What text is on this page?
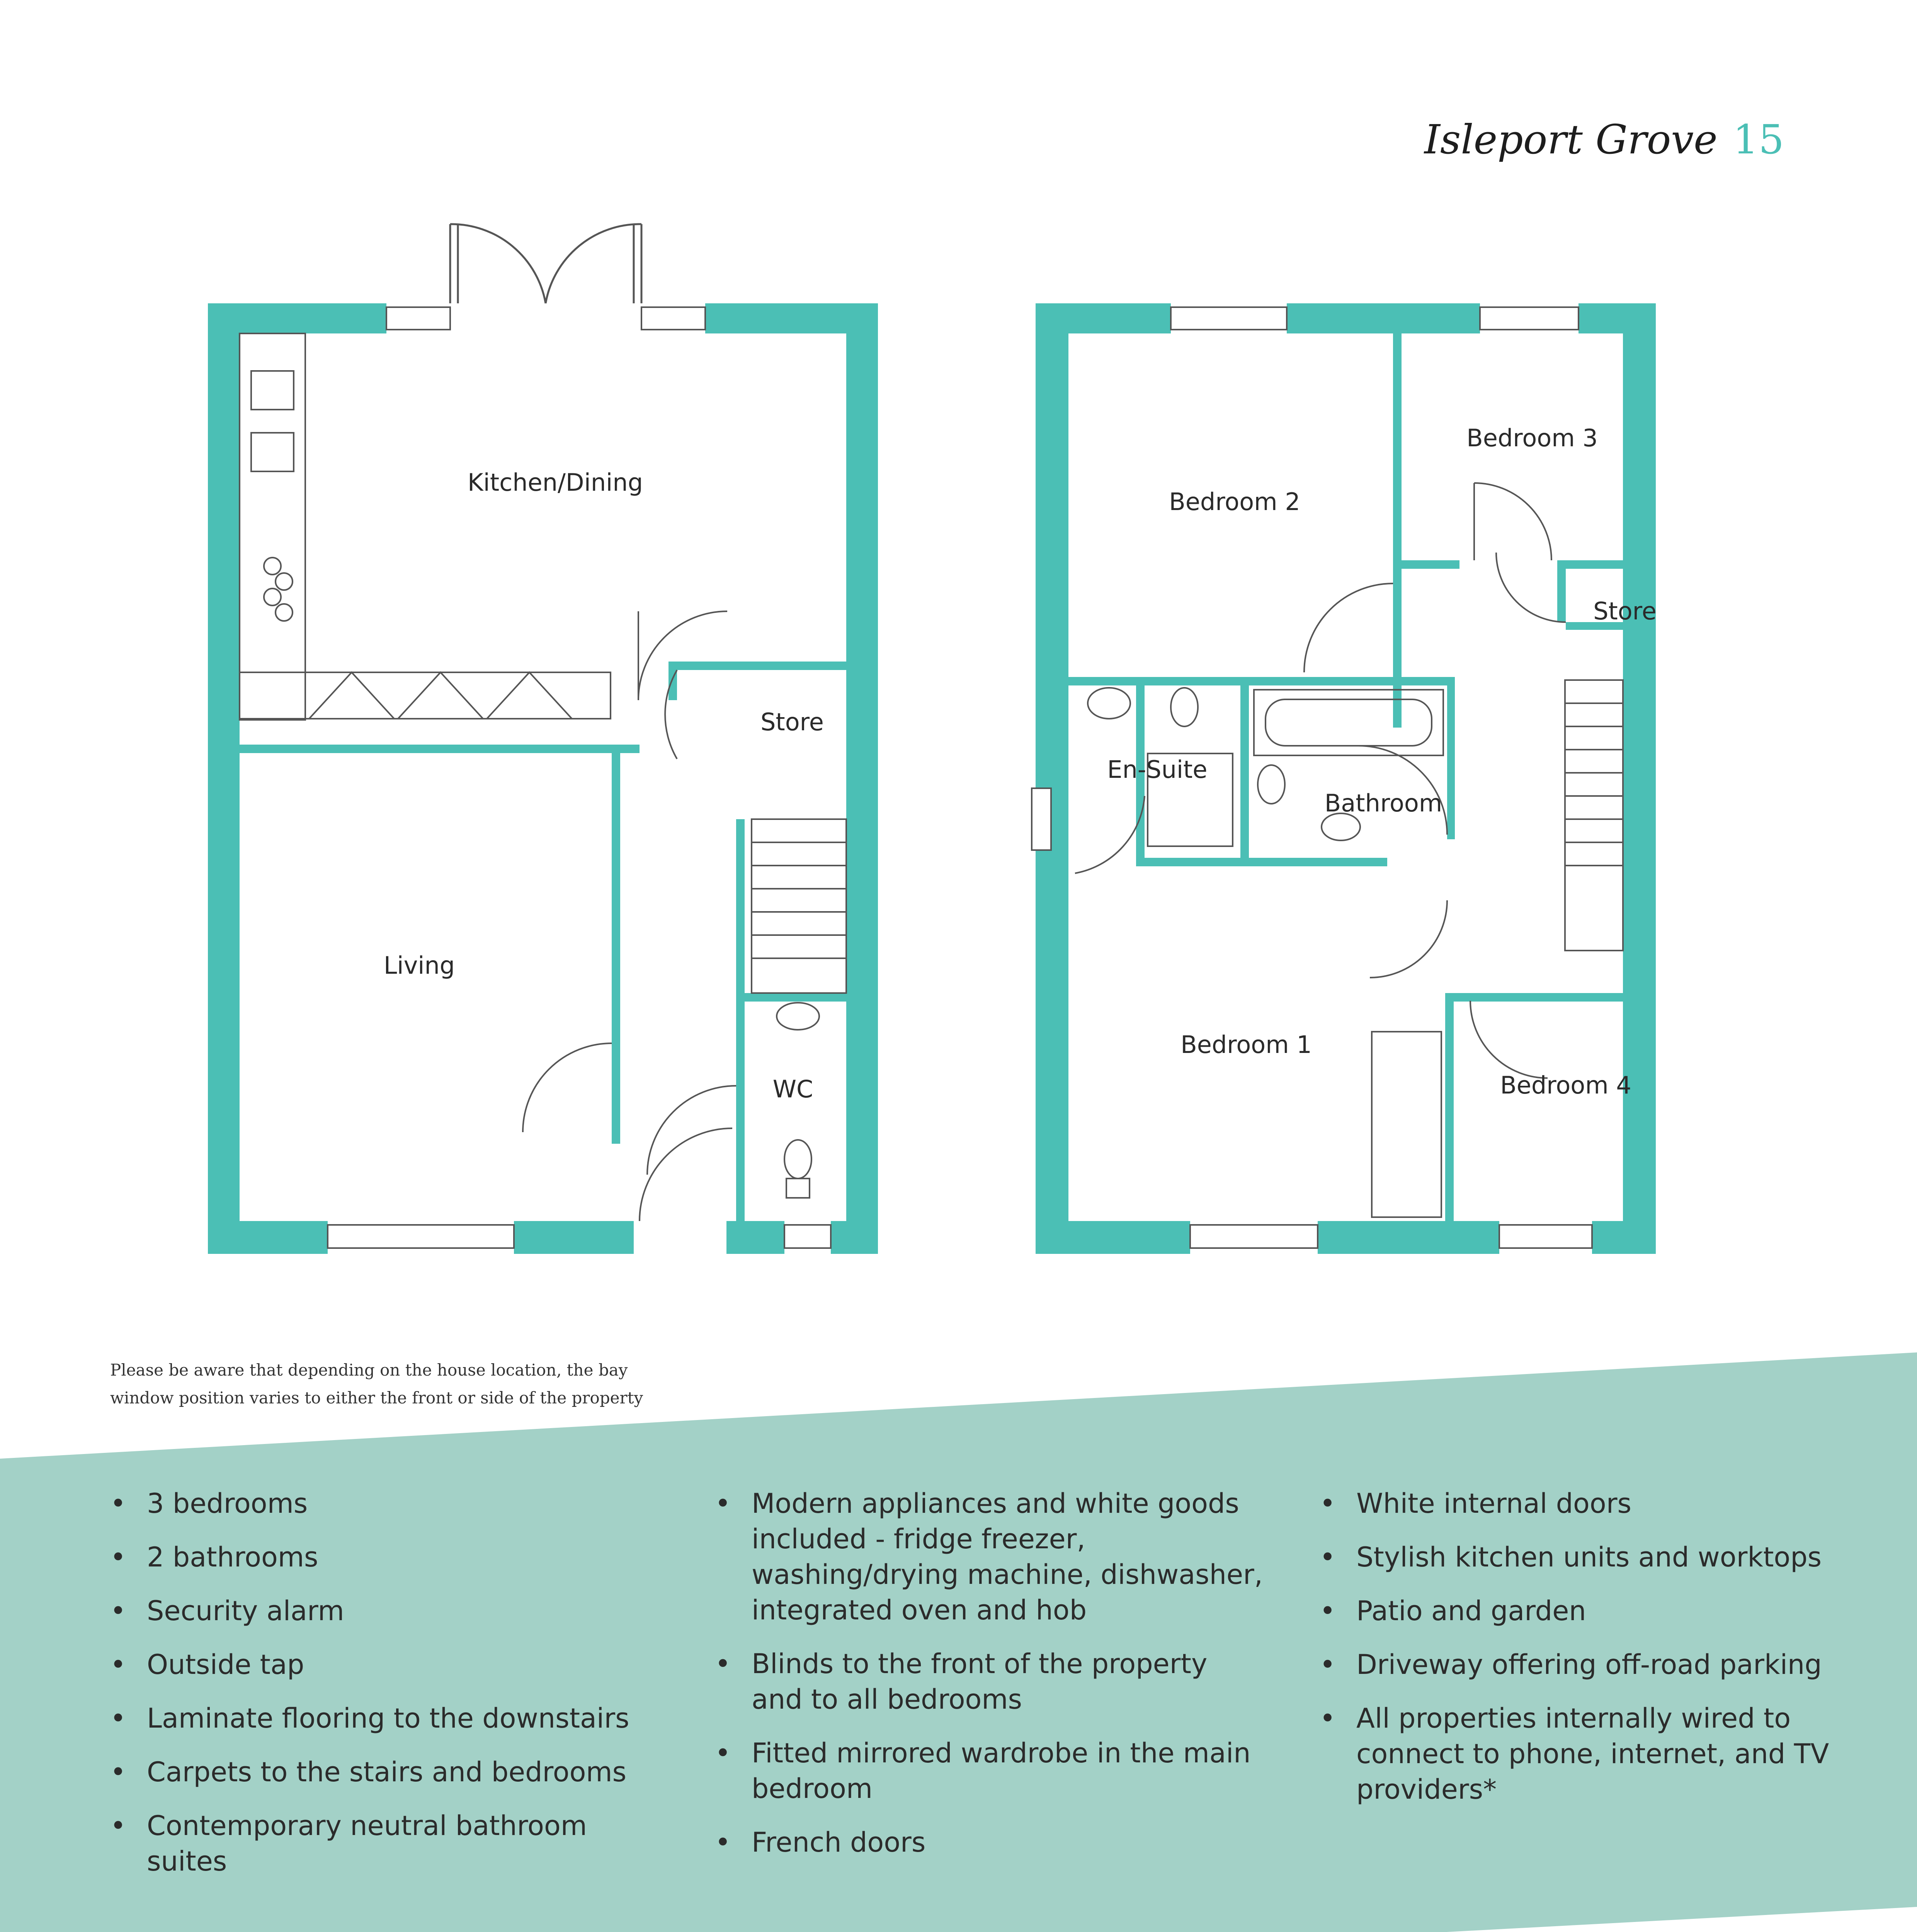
Isleport Grove 15
Kitchen/Dining
Store
Living
WC
Bedroom 2
Bedroom 3
Store
En-Suite
Bathroom
Bedroom 1
Bedroom 4
Please be aware that depending on the house location, the bay window position varies to either the front or side of the property
• 3 bedrooms
• 2 bathrooms
• Security alarm
• Outside tap
• Laminate flooring to the downstairs
• Carpets to the stairs and bedrooms
• Contemporary neutral bathroom suites
• Modern appliances and white goods included - fridge freezer, washing/drying machine, dishwasher, integrated oven and hob
• Blinds to the front of the property and to all bedrooms
• Fitted mirrored wardrobe in the main bedroom
• French doors
• White internal doors
• Stylish kitchen units and worktops
• Patio and garden
• Driveway offering off-road parking
• All properties internally wired to connect to phone, internet, and TV providers*
